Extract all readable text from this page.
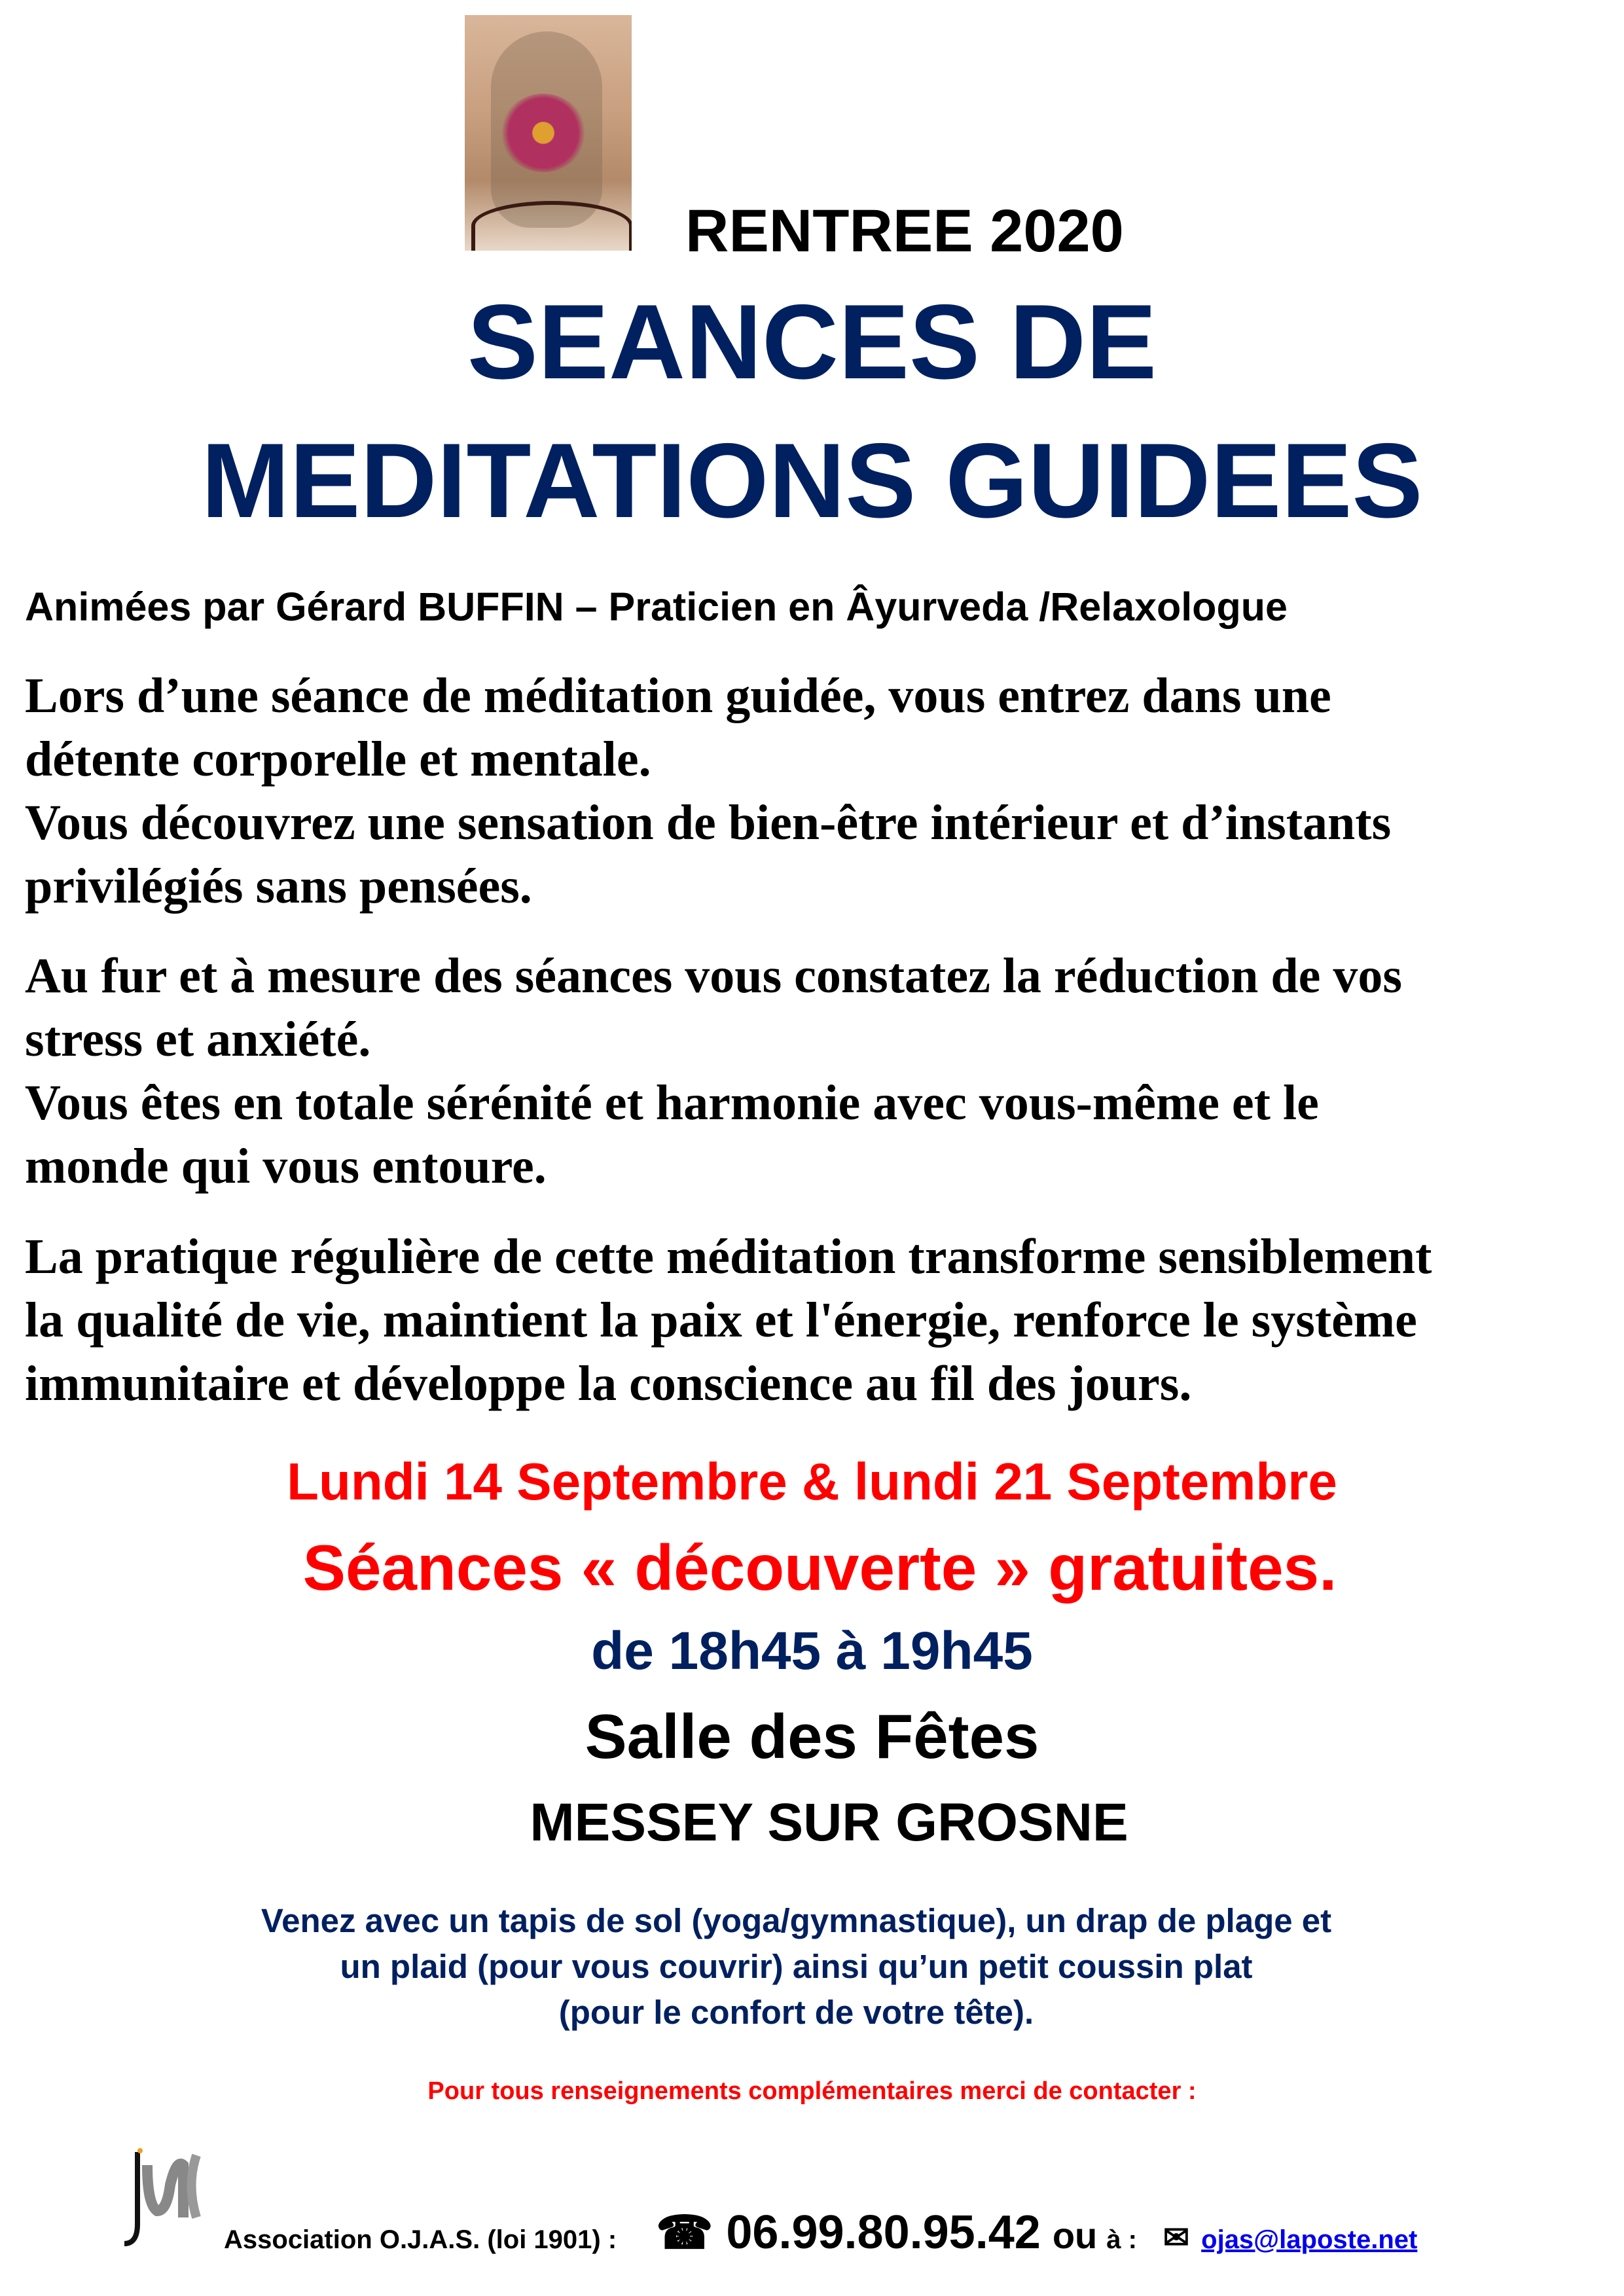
RENTREE 2020
SEANCES DE
MEDITATIONS GUIDEES
Animées par Gérard BUFFIN – Praticien en Âyurveda /Relaxologue
Lors d’une séance de méditation guidée, vous entrez dans une
détente corporelle et mentale.
Vous découvrez une sensation de bien-être intérieur et d’instants
privilégiés sans pensées.
Au fur et à mesure des séances vous constatez la réduction de vos
stress et anxiété.
Vous êtes en totale sérénité et harmonie avec vous-même et le
monde qui vous entoure.
La pratique régulière de cette méditation transforme sensiblement
la qualité de vie, maintient la paix et l'énergie, renforce le système
immunitaire et développe la conscience au fil des jours.
Lundi 14 Septembre & lundi 21 Septembre
Séances « découverte » gratuites.
de 18h45 à 19h45
Salle des Fêtes
MESSEY SUR GROSNE
Venez avec un tapis de sol (yoga/gymnastique), un drap de plage et
un plaid (pour vous couvrir) ainsi qu’un petit coussin plat
(pour le confort de votre tête).
Pour tous renseignements complémentaires merci de contacter :
Association O.J.A.S. (loi 1901) : ☎ 06.99.80.95.42 ou à : ✉ ojas@laposte.net
